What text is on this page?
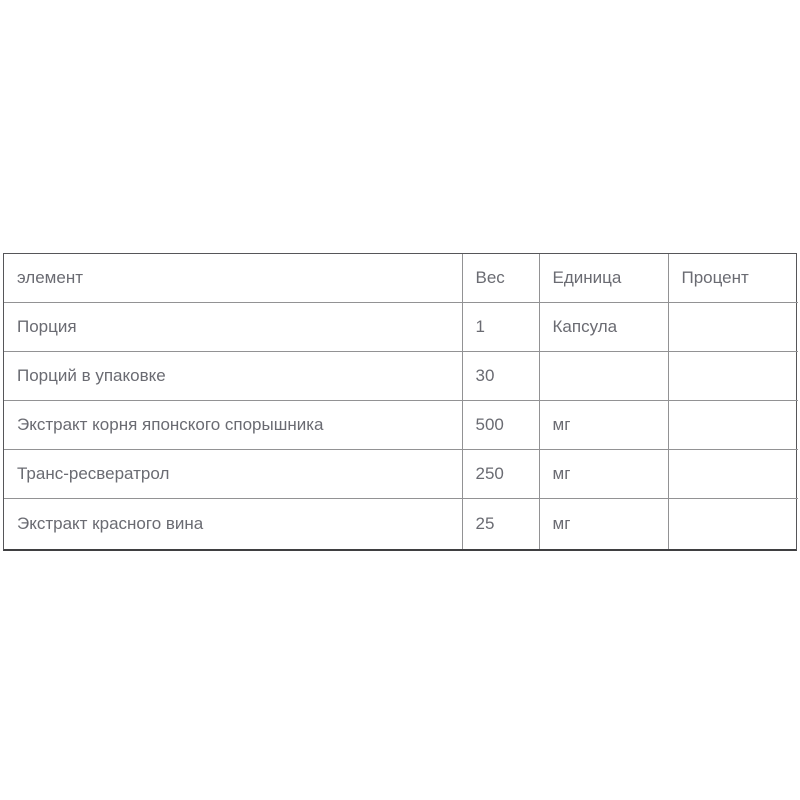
элемент	Вес	Единица	Процент
Порция	1	Капсула	
Порций в упаковке	30		
Экстракт корня японского спорышника	500	мг	
Транс-ресвератрол	250	мг	
Экстракт красного вина	25	мг	
